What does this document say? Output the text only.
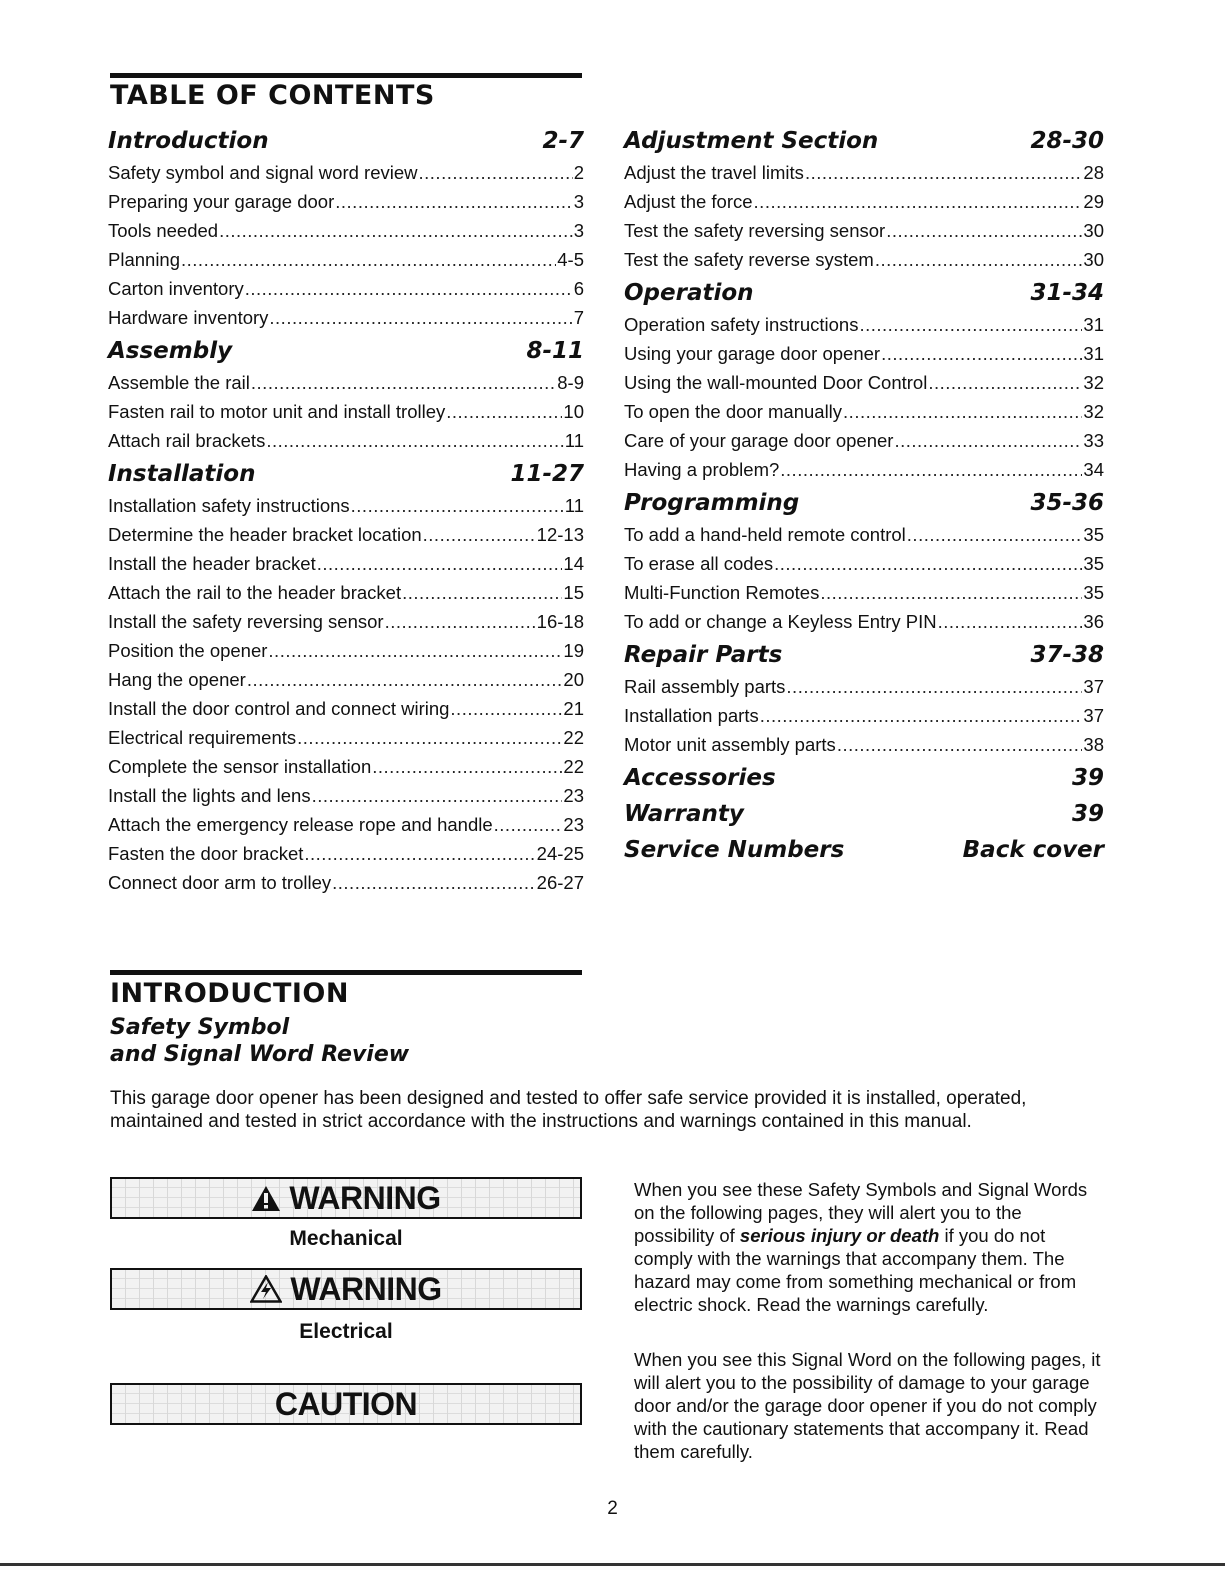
TABLE OF CONTENTS
Introduction	2-7
Safety symbol and signal word review .....	2
Preparing your garage door .....	3
Tools needed .....	3
Planning .....	4-5
Carton inventory .....	6
Hardware inventory .....	7
Assembly	8-11
Assemble the rail .....	8-9
Fasten rail to motor unit and install trolley .....	10
Attach rail brackets .....	11
Installation	11-27
Installation safety instructions .....	11
Determine the header bracket location .....	12-13
Install the header bracket .....	14
Attach the rail to the header bracket .....	15
Install the safety reversing sensor .....	16-18
Position the opener .....	19
Hang the opener .....	20
Install the door control and connect wiring .....	21
Electrical requirements .....	22
Complete the sensor installation .....	22
Install the lights and lens .....	23
Attach the emergency release rope and handle .....	23
Fasten the door bracket .....	24-25
Connect door arm to trolley .....	26-27
Adjustment Section	28-30
Adjust the travel limits .....	28
Adjust the force .....	29
Test the safety reversing sensor .....	30
Test the safety reverse system .....	30
Operation	31-34
Operation safety instructions .....	31
Using your garage door opener .....	31
Using the wall-mounted Door Control .....	32
To open the door manually .....	32
Care of your garage door opener .....	33
Having a problem? .....	34
Programming	35-36
To add a hand-held remote control .....	35
To erase all codes .....	35
Multi-Function Remotes .....	35
To add or change a Keyless Entry PIN .....	36
Repair Parts	37-38
Rail assembly parts .....	37
Installation parts .....	37
Motor unit assembly parts .....	38
Accessories	39
Warranty	39
Service Numbers	Back cover
INTRODUCTION

Safety Symbol

and Signal Word Review

This garage door opener has been designed and tested to offer safe service provided it is installed, operated, maintained and tested in strict accordance with the instructions and warnings contained in this manual.

WARNING
Mechanical
WARNING
Electrical
CAUTION

When you see these Safety Symbols and Signal Words on the following pages, they will alert you to the possibility of serious injury or death if you do not comply with the warnings that accompany them. The hazard may come from something mechanical or from electric shock. Read the warnings carefully.

When you see this Signal Word on the following pages, it will alert you to the possibility of damage to your garage door and/or the garage door opener if you do not comply with the cautionary statements that accompany it. Read them carefully.

2
